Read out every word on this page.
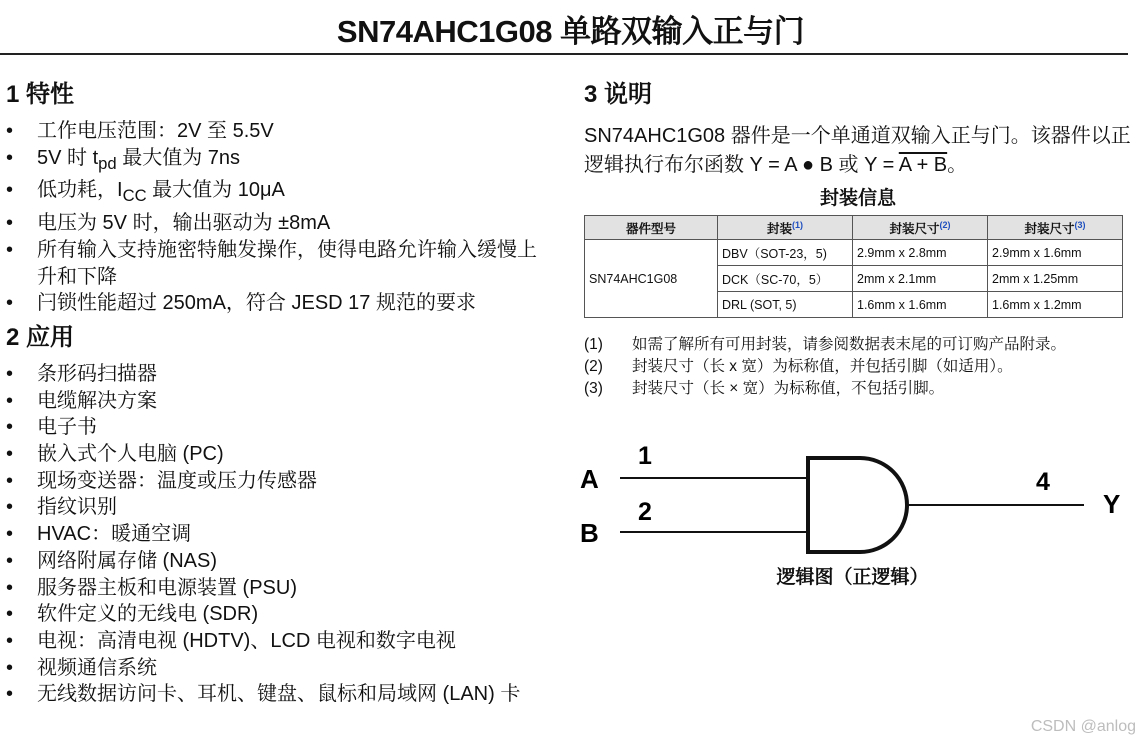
SN74AHC1G08 单路双输入正与门
1 特性
• 工作电压范围：2V 至 5.5V
• 5V 时 $t_{pd}$ 最大值为 7ns
• 低功耗，$I_{CC}$ 最大值为 10μA
• 电压为 5V 时，输出驱动为 ±8mA
• 所有输入支持施密特触发操作，使得电路允许输入缓慢上升和下降
• 闩锁性能超过 250mA，符合 JESD 17 规范的要求
2 应用
• 条形码扫描器
• 电缆解决方案
• 电子书
• 嵌入式个人电脑 (PC)
• 现场变送器：温度或压力传感器
• 指纹识别
• HVAC：暖通空调
• 网络附属存储 (NAS)
• 服务器主板和电源装置 (PSU)
• 软件定义的无线电 (SDR)
• 电视：高清电视 (HDTV)、LCD 电视和数字电视
• 视频通信系统
• 无线数据访问卡、耳机、键盘、鼠标和局域网 (LAN) 卡
3 说明

SN74AHC1G08 器件是一个单通道双输入正与门。该器件以正逻辑执行布尔函数 Y = A ● B 或 Y = A + B。

封装信息
器件型号	封装$^{(1)}$	封装尺寸$^{(2)}$	封装尺寸$^{(3)}$
SN74AHC1G08	DBV（SOT-23，5)	2.9mm x 2.8mm	2.9mm x 1.6mm
	DCK（SC-70，5）	2mm x 2.1mm	2mm x 1.25mm
	DRL (SOT, 5)	1.6mm x 1.6mm	1.6mm x 1.2mm
(1)	如需了解所有可用封装，请参阅数据表末尾的可订购产品附录。
(2)	封装尺寸（长 x 宽）为标称值，并包括引脚（如适用）。
(3)	封装尺寸（长 × 宽）为标称值，不包括引脚。
A
B
1
2
4
Y
逻辑图（正逻辑）
CSDN @anlog
